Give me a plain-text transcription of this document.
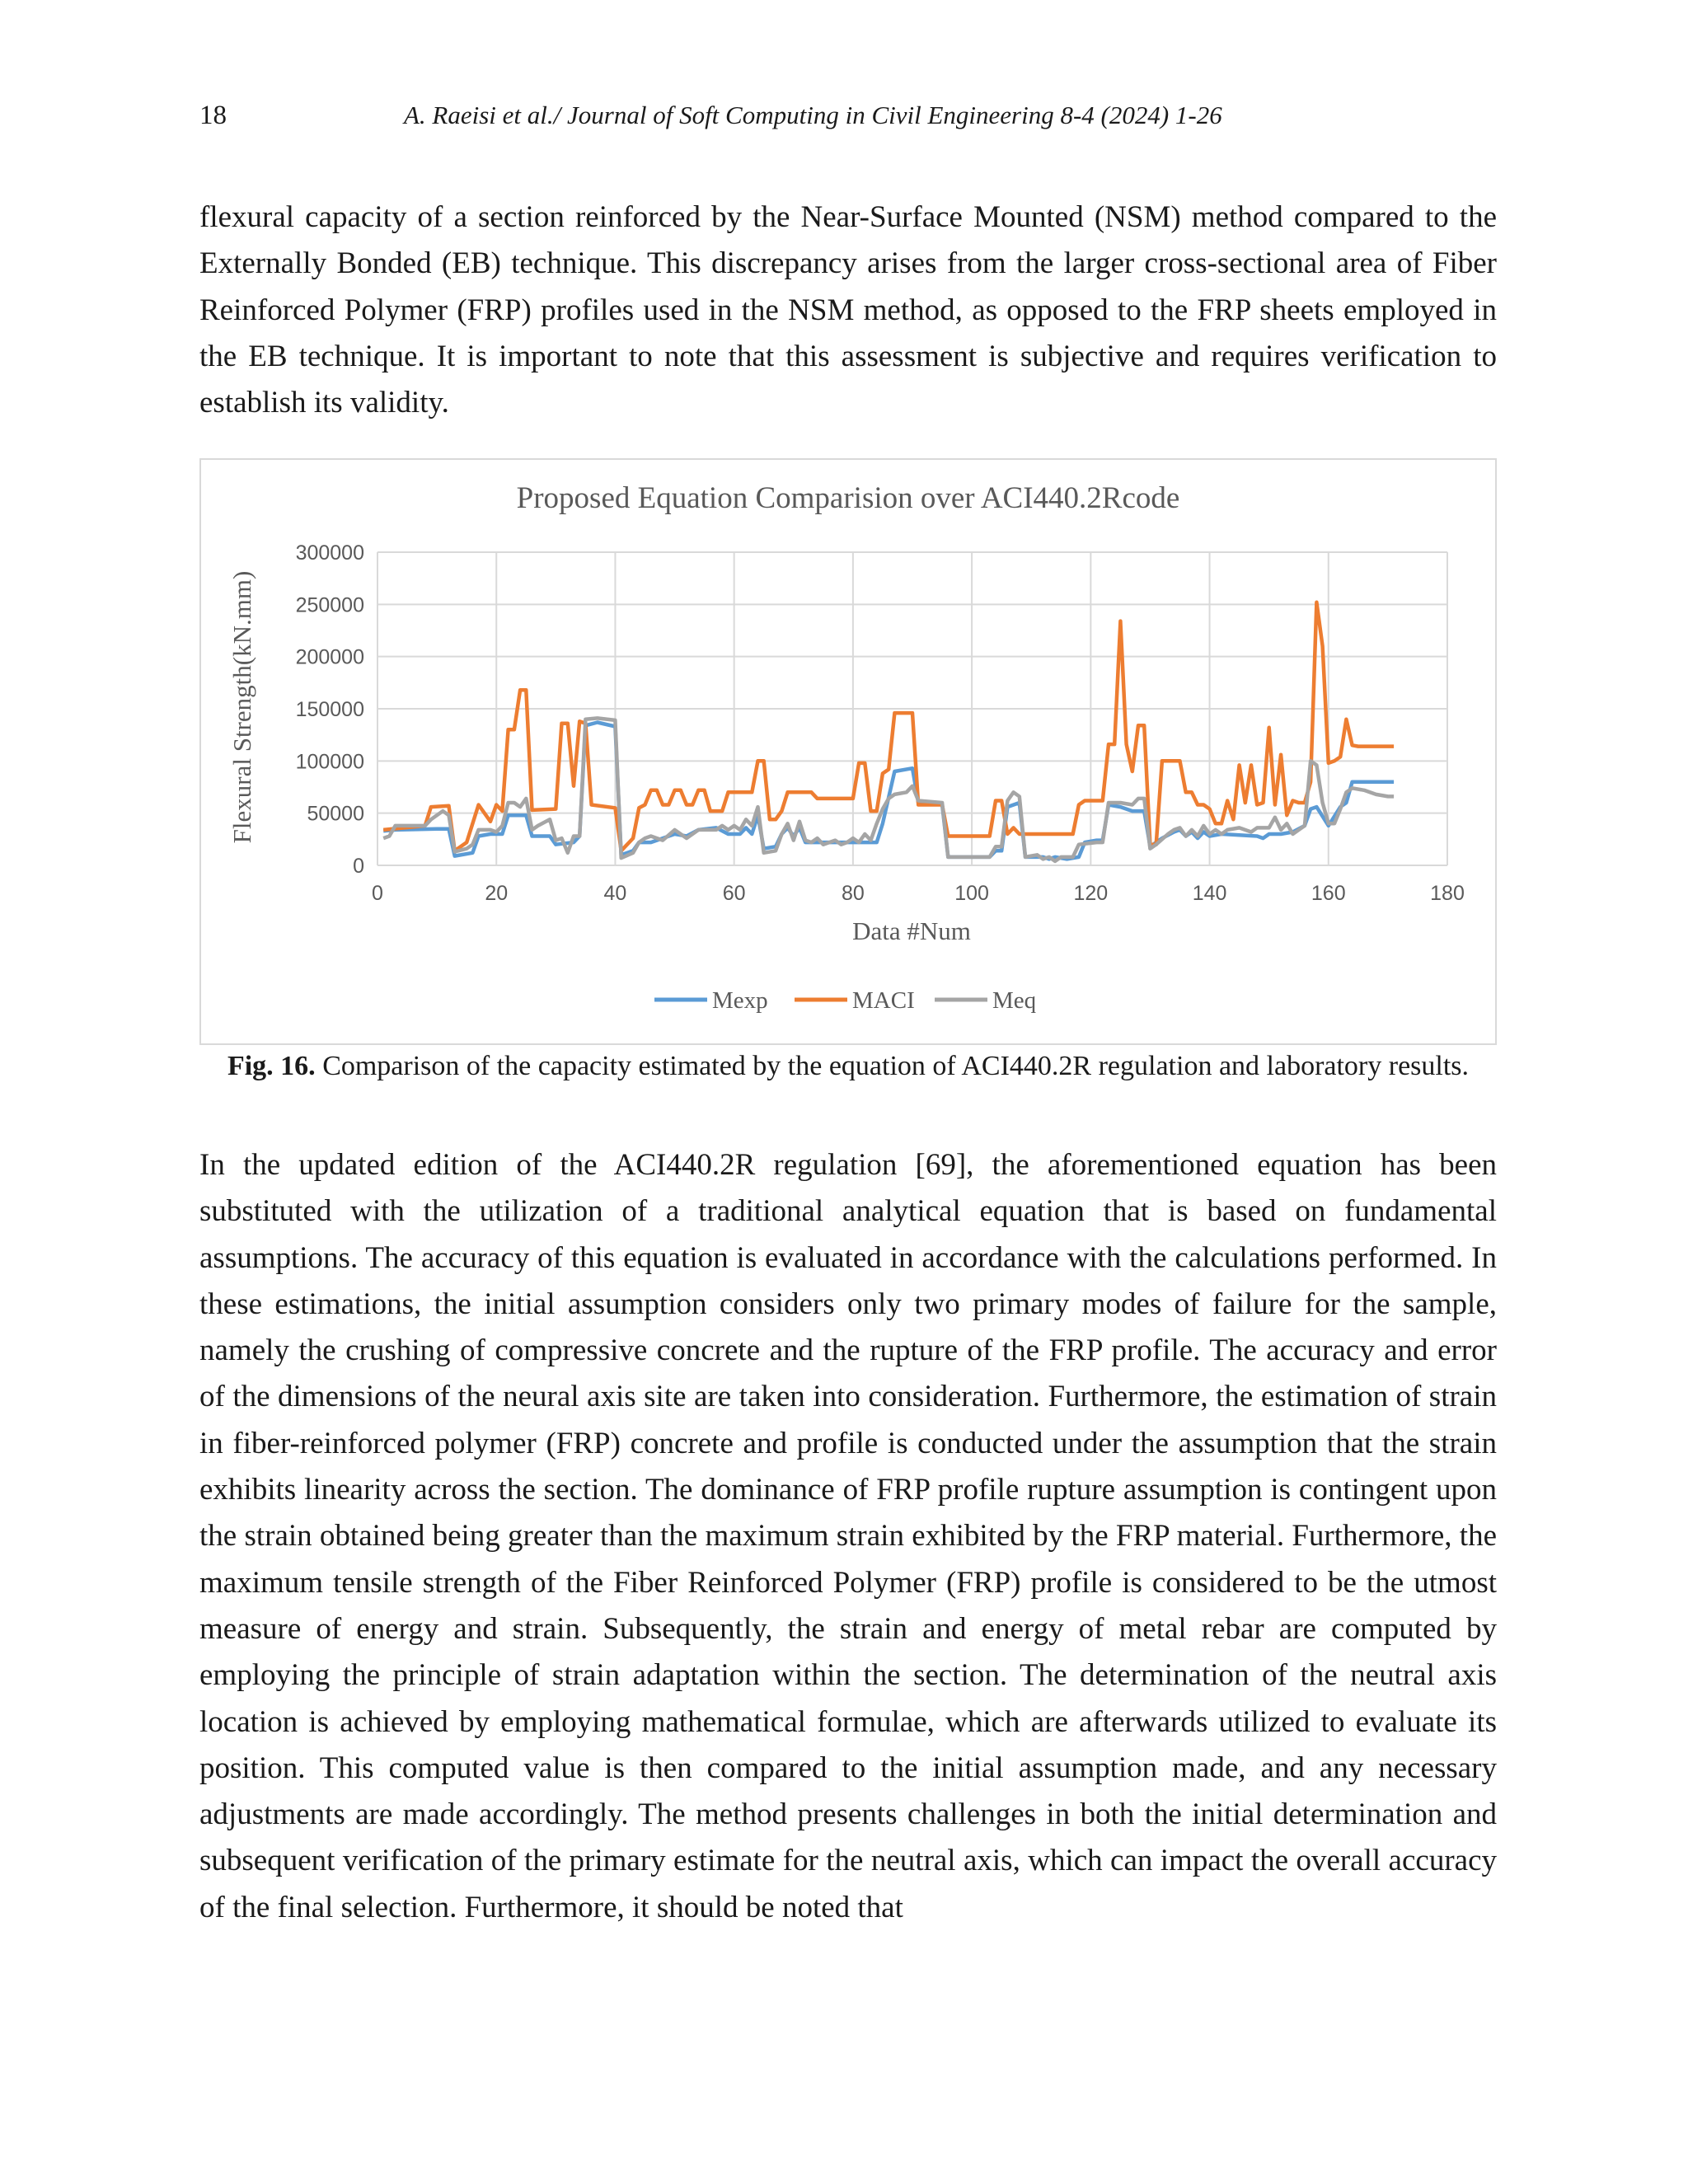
18	A. Raeisi et al./ Journal of Soft Computing in Civil Engineering 8-4 (2024) 1-26

flexural capacity of a section reinforced by the Near-Surface Mounted (NSM) method compared to the Externally Bonded (EB) technique. This discrepancy arises from the larger cross-sectional area of Fiber Reinforced Polymer (FRP) profiles used in the NSM method, as opposed to the FRP sheets employed in the EB technique. It is important to note that this assessment is subjective and requires verification to establish its validity.

Proposed Equation Comparision over ACI440.2Rcode
0
50000
100000
150000
200000
250000
300000
0	20	40	60	80	100	120	140	160	180
Flexural Strength(kN.mm)
Data #Num
Mexp	MACI	Meq

Fig. 16. Comparison of the capacity estimated by the equation of ACI440.2R regulation and laboratory results.

In the updated edition of the ACI440.2R regulation [69], the aforementioned equation has been substituted with the utilization of a traditional analytical equation that is based on fundamental assumptions. The accuracy of this equation is evaluated in accordance with the calculations performed. In these estimations, the initial assumption considers only two primary modes of failure for the sample, namely the crushing of compressive concrete and the rupture of the FRP profile. The accuracy and error of the dimensions of the neural axis site are taken into consideration. Furthermore, the estimation of strain in fiber-reinforced polymer (FRP) concrete and profile is conducted under the assumption that the strain exhibits linearity across the section. The dominance of FRP profile rupture assumption is contingent upon the strain obtained being greater than the maximum strain exhibited by the FRP material. Furthermore, the maximum tensile strength of the Fiber Reinforced Polymer (FRP) profile is considered to be the utmost measure of energy and strain. Subsequently, the strain and energy of metal rebar are computed by employing the principle of strain adaptation within the section. The determination of the neutral axis location is achieved by employing mathematical formulae, which are afterwards utilized to evaluate its position. This computed value is then compared to the initial assumption made, and any necessary adjustments are made accordingly. The method presents challenges in both the initial determination and subsequent verification of the primary estimate for the neutral axis, which can impact the overall accuracy of the final selection. Furthermore, it should be noted that
